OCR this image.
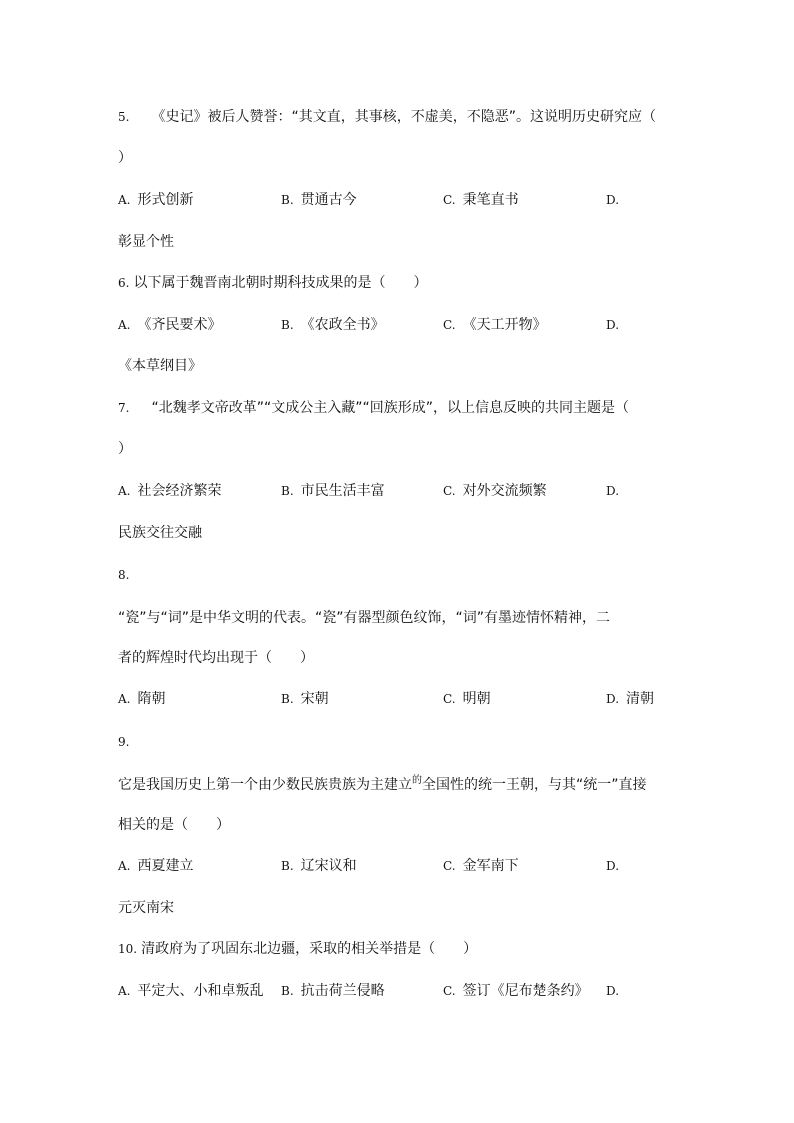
5. 《史记》被后人赞誉：“其文直，其事核，不虚美，不隐恶”。这说明历史研究应（
）
A. 形式创新	B. 贯通古今	C. 秉笔直书	D.
彰显个性
6. 以下属于魏晋南北朝时期科技成果的是（　　）
A. 《齐民要术》	B. 《农政全书》	C. 《天工开物》	D.
《本草纲目》
7. “北魏孝文帝改革”“文成公主入藏”“回族形成”，以上信息反映的共同主题是（
）
A. 社会经济繁荣	B. 市民生活丰富	C. 对外交流频繁	D.
民族交往交融
8.
“瓷”与“词”是中华文明的代表。“瓷”有器型颜色纹饰，“词”有墨迹情怀精神，二
者的辉煌时代均出现于（　　）
A. 隋朝	B. 宋朝	C. 明朝	D. 清朝
9.
它是我国历史上第一个由少数民族贵族为主建立$^的$全国性的统一王朝，与其“统一”直接
相关的是（　　）
A. 西夏建立	B. 辽宋议和	C. 金军南下	D.
元灭南宋
10. 清政府为了巩固东北边疆，采取的相关举措是（　　）
A. 平定大、小和卓叛乱 B. 抗击荷兰侵略	C. 签订《尼布楚条约》 D.
